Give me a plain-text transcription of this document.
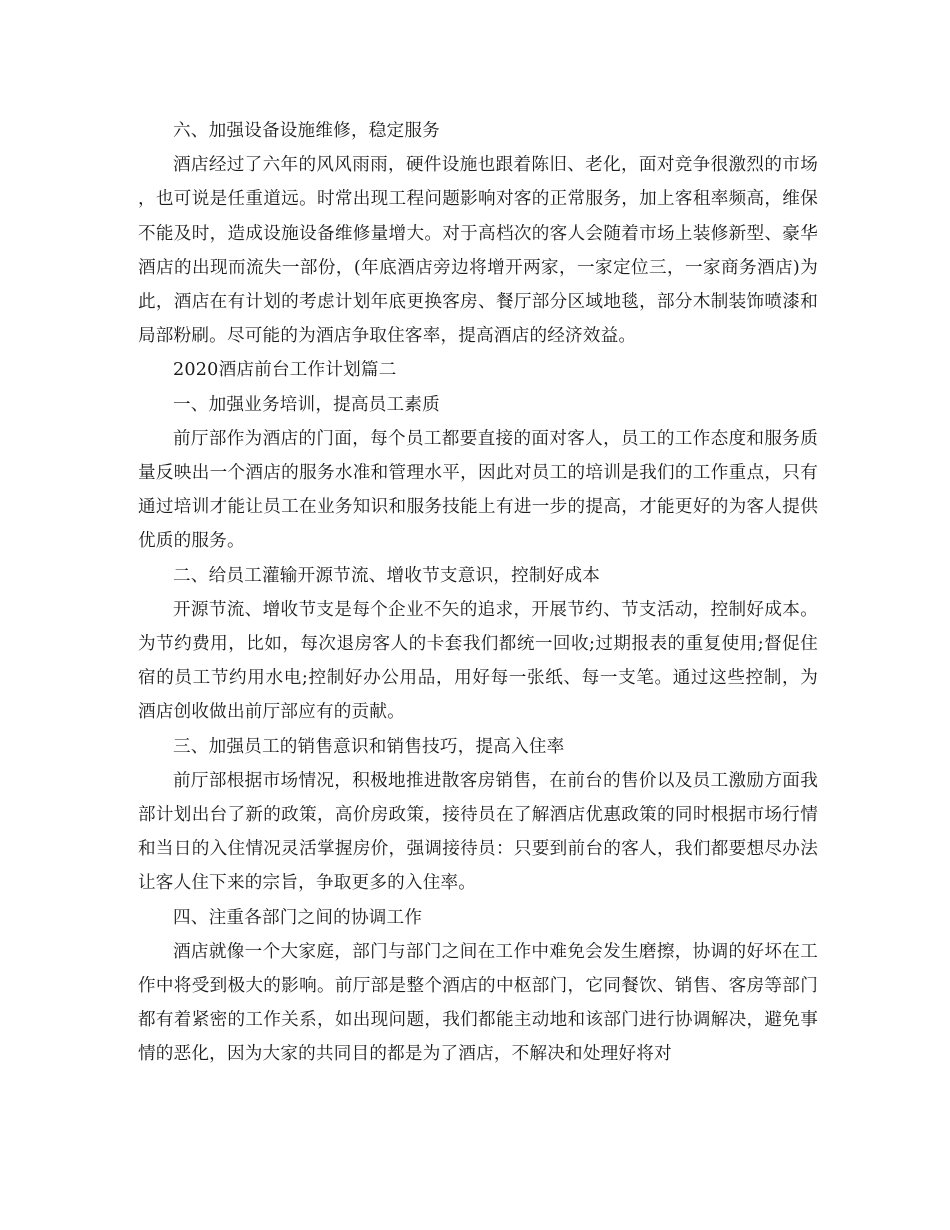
六、加强设备设施维修，稳定服务

酒店经过了六年的风风雨雨，硬件设施也跟着陈旧、老化，面对竞争很激烈的市场，也可说是任重道远。时常出现工程问题影响对客的正常服务，加上客租率频高，维保不能及时，造成设施设备维修量增大。对于高档次的客人会随着市场上装修新型、豪华酒店的出现而流失一部份，(年底酒店旁边将增开两家，一家定位三，一家商务酒店)为此，酒店在有计划的考虑计划年底更换客房、餐厅部分区域地毯，部分木制装饰喷漆和局部粉刷。尽可能的为酒店争取住客率，提高酒店的经济效益。

2020酒店前台工作计划篇二

一、加强业务培训，提高员工素质

前厅部作为酒店的门面，每个员工都要直接的面对客人，员工的工作态度和服务质量反映出一个酒店的服务水准和管理水平，因此对员工的培训是我们的工作重点，只有通过培训才能让员工在业务知识和服务技能上有进一步的提高，才能更好的为客人提供优质的服务。

二、给员工灌输开源节流、增收节支意识，控制好成本

开源节流、增收节支是每个企业不矢的追求，开展节约、节支活动，控制好成本。为节约费用，比如，每次退房客人的卡套我们都统一回收;过期报表的重复使用;督促住宿的员工节约用水电;控制好办公用品，用好每一张纸、每一支笔。通过这些控制，为酒店创收做出前厅部应有的贡献。

三、加强员工的销售意识和销售技巧，提高入住率

前厅部根据市场情况，积极地推进散客房销售，在前台的售价以及员工激励方面我部计划出台了新的政策，高价房政策，接待员在了解酒店优惠政策的同时根据市场行情和当日的入住情况灵活掌握房价，强调接待员：只要到前台的客人，我们都要想尽办法让客人住下来的宗旨，争取更多的入住率。

四、注重各部门之间的协调工作

酒店就像一个大家庭，部门与部门之间在工作中难免会发生磨擦，协调的好坏在工作中将受到极大的影响。前厅部是整个酒店的中枢部门，它同餐饮、销售、客房等部门都有着紧密的工作关系，如出现问题，我们都能主动地和该部门进行协调解决，避免事情的恶化，因为大家的共同目的都是为了酒店，不解决和处理好将对
